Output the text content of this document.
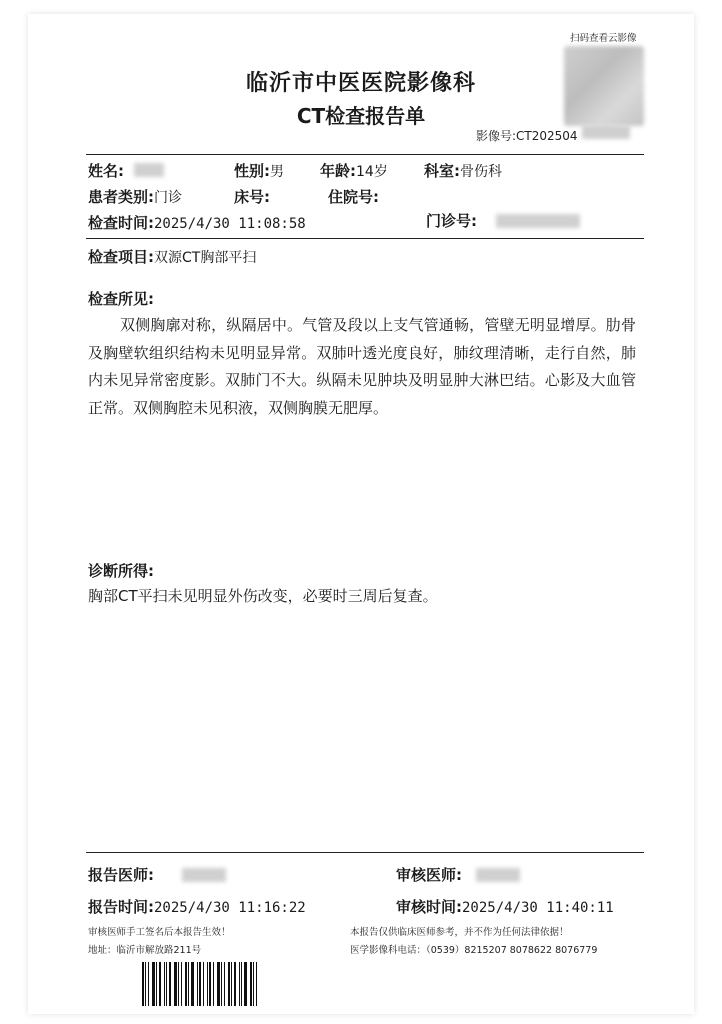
扫码查看云影像
临沂市中医医院影像科
CT检查报告单
影像号:CT202504
姓名:	性别:男 年龄:14岁 科室:骨伤科
患者类别:门诊	床号:	住院号:
检查时间:2025/4/30 11:08:58	门诊号:
检查项目:双源CT胸部平扫
检查所见:
双侧胸廓对称，纵隔居中。气管及段以上支气管通畅，管壁无明显增厚。肋骨及胸壁软组织结构未见明显异常。双肺叶透光度良好，肺纹理清晰，走行自然，肺内未见异常密度影。双肺门不大。纵隔未见肿块及明显肿大淋巴结。心影及大血管正常。双侧胸腔未见积液，双侧胸膜无肥厚。
诊断所得:
胸部CT平扫未见明显外伤改变，必要时三周后复查。
报告医师:	审核医师:
报告时间:2025/4/30 11:16:22	审核时间:2025/4/30 11:40:11
审核医师手工签名后本报告生效！
地址：临沂市解放路211号
本报告仅供临床医师参考，并不作为任何法律依据！
医学影像科电话：（0539）8215207 8078622 8076779
